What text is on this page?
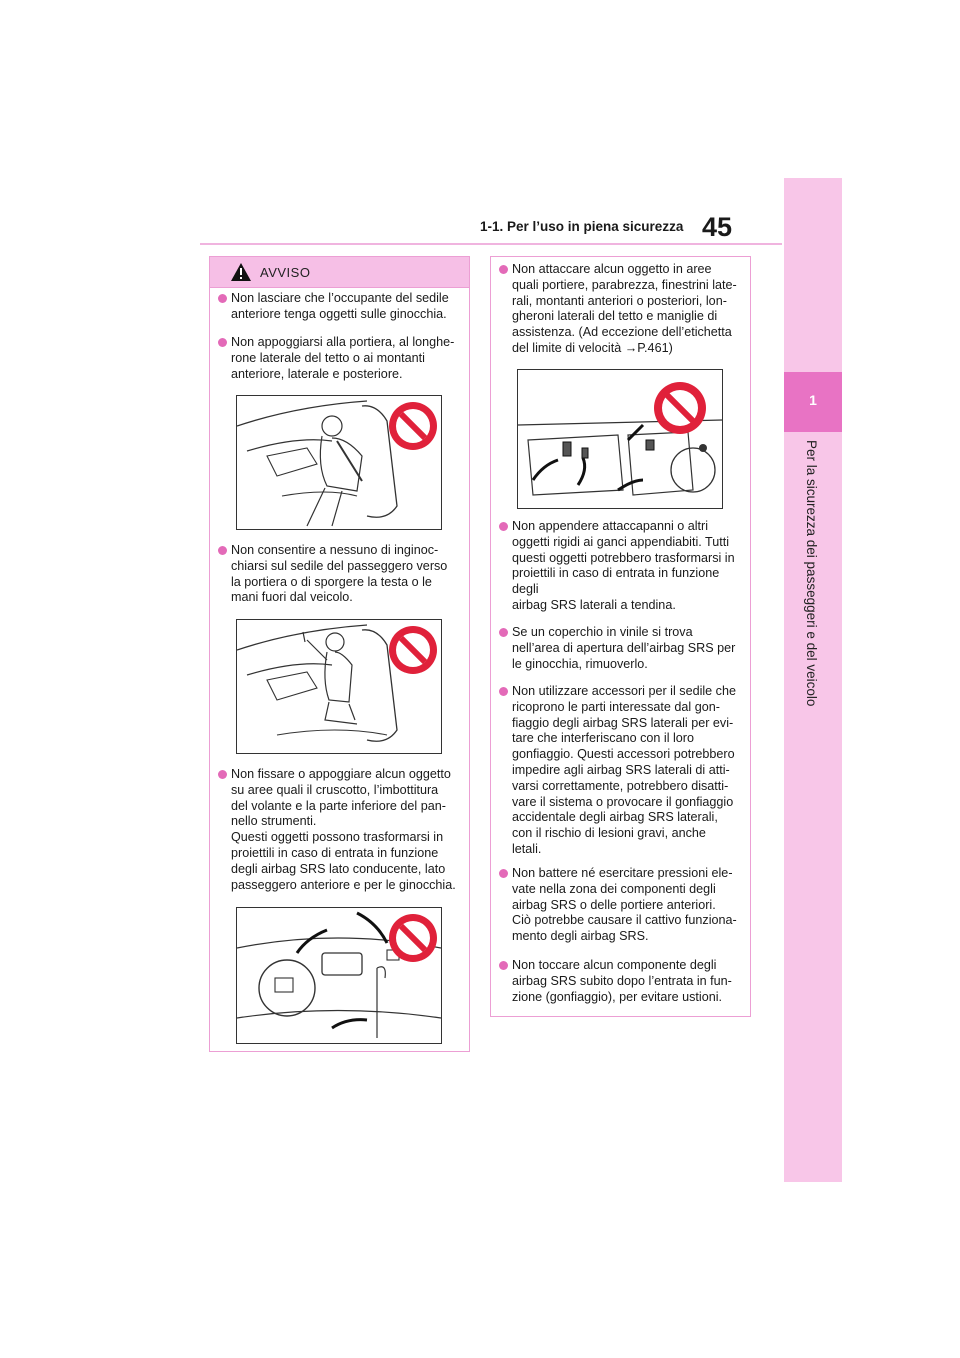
1-1. Per l’uso in piena sicurezza 45
1
Per la sicurezza dei passeggeri e del veicolo
AVVISO
Non lasciare che l’occupante del sedile
anteriore tenga oggetti sulle ginocchia.
Non appoggiarsi alla portiera, al longhe-
rone laterale del tetto o ai montanti
anteriore, laterale e posteriore.
Non consentire a nessuno di inginoc-
chiarsi sul sedile del passeggero verso
la portiera o di sporgere la testa o le
mani fuori dal veicolo.
Non fissare o appoggiare alcun oggetto
su aree quali il cruscotto, l’imbottitura
del volante e la parte inferiore del pan-
nello strumenti.
Questi oggetti possono trasformarsi in
proiettili in caso di entrata in funzione
degli airbag SRS lato conducente, lato
passeggero anteriore e per le ginocchia.
Non attaccare alcun oggetto in aree
quali portiere, parabrezza, finestrini late-
rali, montanti anteriori o posteriori, lon-
gheroni laterali del tetto e maniglie di
assistenza. (Ad eccezione dell’etichetta
del limite di velocità →P.461)
Non appendere attaccapanni o altri
oggetti rigidi ai ganci appendiabiti. Tutti
questi oggetti potrebbero trasformarsi in
proiettili in caso di entrata in funzione degli
airbag SRS laterali a tendina.
Se un coperchio in vinile si trova
nell’area di apertura dell’airbag SRS per
le ginocchia, rimuoverlo.
Non utilizzare accessori per il sedile che
ricoprono le parti interessate dal gon-
fiaggio degli airbag SRS laterali per evi-
tare che interferiscano con il loro
gonfiaggio. Questi accessori potrebbero
impedire agli airbag SRS laterali di atti-
varsi correttamente, potrebbero disatti-
vare il sistema o provocare il gonfiaggio
accidentale degli airbag SRS laterali,
con il rischio di lesioni gravi, anche
letali.
Non battere né esercitare pressioni ele-
vate nella zona dei componenti degli
airbag SRS o delle portiere anteriori.
Ciò potrebbe causare il cattivo funziona-
mento degli airbag SRS.
Non toccare alcun componente degli
airbag SRS subito dopo l’entrata in fun-
zione (gonfiaggio), per evitare ustioni.
